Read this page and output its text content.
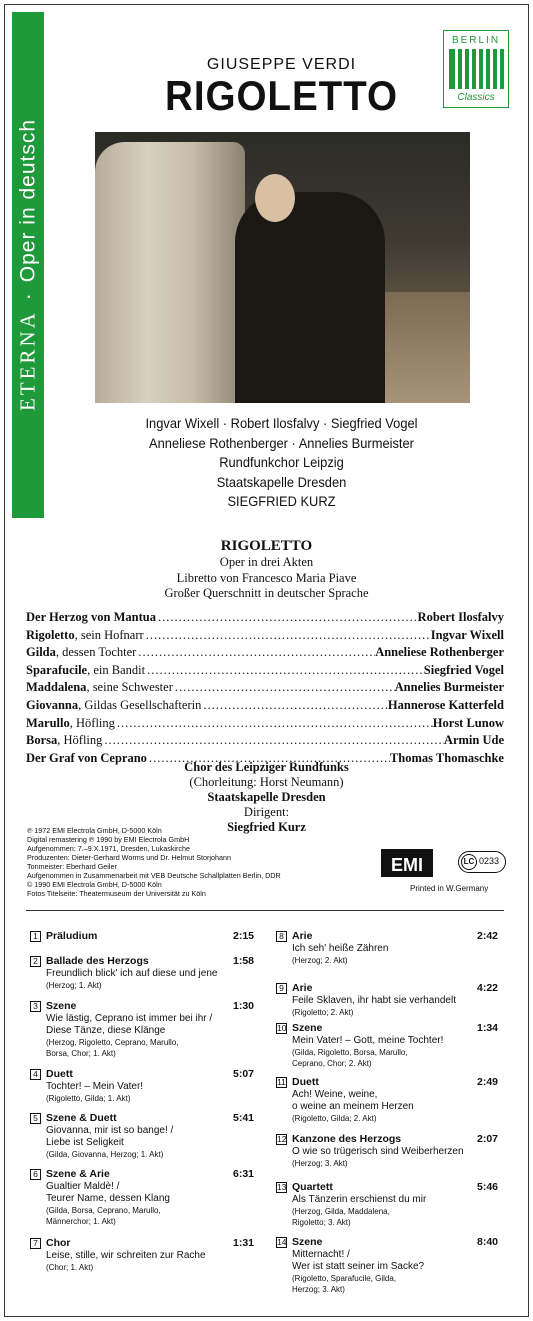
ETERNA·Oper in deutsch
GIUSEPPE VERDI
RIGOLETTO
BERLIN
Classics
Ingvar Wixell · Robert Ilosfalvy · Siegfried Vogel
Anneliese Rothenberger · Annelies Burmeister
Rundfunkchor Leipzig
Staatskapelle Dresden
SIEGFRIED KURZ
RIGOLETTO
Oper in drei Akten
Libretto von Francesco Maria Piave
Großer Querschnitt in deutscher Sprache
Der Herzog von Mantua .....	Robert Ilosfalvy
Rigoletto, sein Hofnarr .....	Ingvar Wixell
Gilda, dessen Tochter .....	Anneliese Rothenberger
Sparafucile, ein Bandit .....	Siegfried Vogel
Maddalena, seine Schwester .....	Annelies Burmeister
Giovanna, Gildas Gesellschafterin .....	Hannerose Katterfeld
Marullo, Höfling .....	Horst Lunow
Borsa, Höfling .....	Armin Ude
Der Graf von Ceprano .....	Thomas Thomaschke
Chor des Leipziger Rundfunks
(Chorleitung: Horst Neumann)
Staatskapelle Dresden
Dirigent:
Siegfried Kurz
℗ 1972 EMI Electrola GmbH, D-5000 Köln
Digital remastering ℗ 1990 by EMI Electrola GmbH
Aufgenommen: 7.–9.X.1971, Dresden, Lukaskirche
Produzenten: Dieter-Gerhard Worms und Dr. Helmut Storjohann
Tonmeister: Eberhard Geiler
Aufgenommen in Zusammenarbeit mit VEB Deutsche Schallplatten Berlin, DDR
© 1990 EMI Electrola GmbH, D-5000 Köln
Fotos Titelseite: Theatermuseum der Universität zu Köln
EMI	LC 0233
Printed in W.Germany
1 Präludium	2:15
2 Ballade des Herzogs	1:58
Freundlich blick' ich auf diese und jene
(Herzog; 1. Akt)
3 Szene	1:30
Wie lästig, Ceprano ist immer bei ihr /
Diese Tänze, diese Klänge
(Herzog, Rigoletto, Ceprano, Marullo,
Borsa, Chor; 1. Akt)
4 Duett	5:07
Tochter! – Mein Vater!
(Rigoletto, Gilda; 1. Akt)
5 Szene & Duett	5:41
Giovanna, mir ist so bange! /
Liebe ist Seligkeit
(Gilda, Giovanna, Herzog; 1. Akt)
6 Szene & Arie	6:31
Gualtier Maldè! /
Teurer Name, dessen Klang
(Gilda, Borsa, Ceprano, Marullo,
Männerchor; 1. Akt)
7 Chor	1:31
Leise, stille, wir schreiten zur Rache
(Chor; 1. Akt)
8 Arie	2:42
Ich seh' heiße Zähren
(Herzog; 2. Akt)
9 Arie	4:22
Feile Sklaven, ihr habt sie verhandelt
(Rigoletto; 2. Akt)
10 Szene	1:34
Mein Vater! – Gott, meine Tochter!
(Gilda, Rigoletto, Borsa, Marullo,
Ceprano, Chor; 2. Akt)
11 Duett	2:49
Ach! Weine, weine,
o weine an meinem Herzen
(Rigoletto, Gilda; 2. Akt)
12 Kanzone des Herzogs	2:07
O wie so trügerisch sind Weiberherzen
(Herzog; 3. Akt)
13 Quartett	5:46
Als Tänzerin erschienst du mir
(Herzog, Gilda, Maddalena,
Rigoletto; 3. Akt)
14 Szene	8:40
Mitternacht! /
Wer ist statt seiner im Sacke?
(Rigoletto, Sparafucile, Gilda,
Herzog; 3. Akt)
